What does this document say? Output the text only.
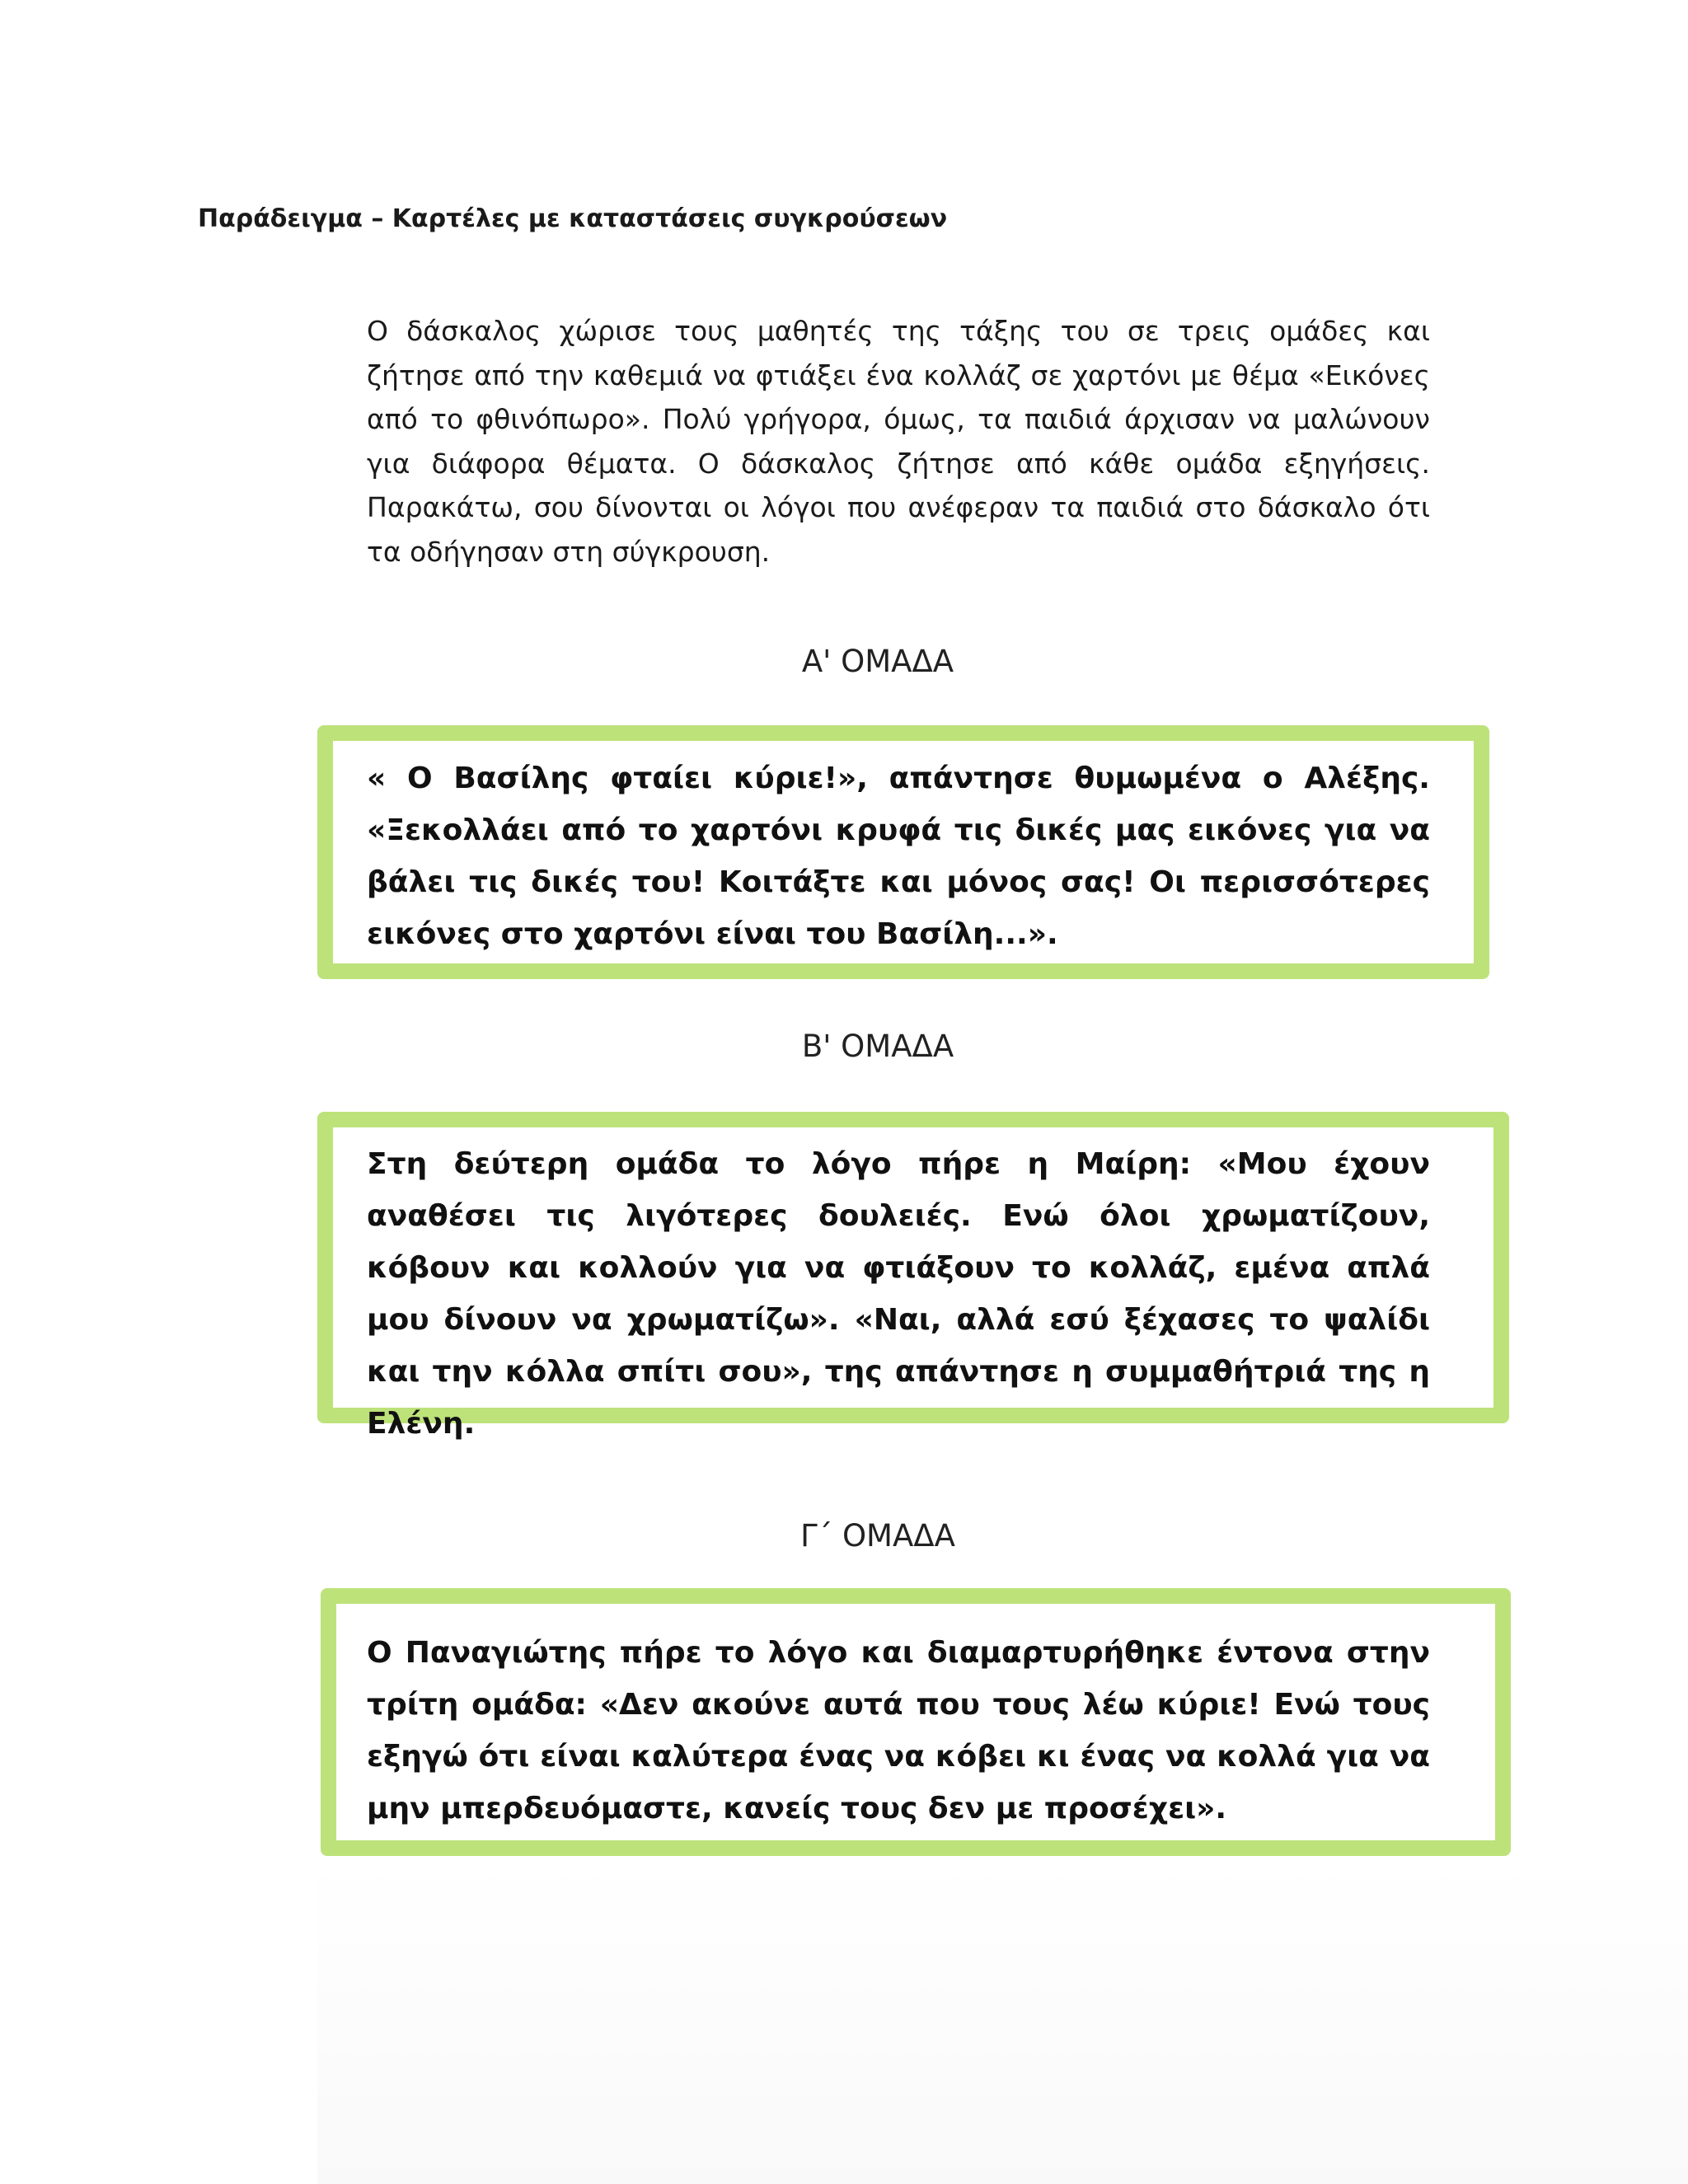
Παράδειγμα – Καρτέλες με καταστάσεις συγκρούσεων

Ο δάσκαλος χώρισε τους μαθητές της τάξης του σε τρεις ομάδες και ζήτησε από την καθεμιά να φτιάξει ένα κολλάζ σε χαρτόνι με θέμα «Εικόνες από το φθινόπωρο». Πολύ γρήγορα, όμως, τα παιδιά άρχισαν να μαλώνουν για διάφορα θέματα. Ο δάσκαλος ζήτησε από κάθε ομάδα εξηγήσεις. Παρακάτω, σου δίνονται οι λόγοι που ανέφεραν τα παιδιά στο δάσκαλο ότι τα οδήγησαν στη σύγκρουση.

Α' ΟΜΑΔΑ

« Ο Βασίλης φταίει κύριε!», απάντησε θυμωμένα ο Αλέξης. «Ξεκολλάει από το χαρτόνι κρυφά τις δικές μας εικόνες για να βάλει τις δικές του! Κοιτάξτε και μόνος σας! Οι περισσότερες εικόνες στο χαρτόνι είναι του Βασίλη...».

Β' ΟΜΑΔΑ

Στη δεύτερη ομάδα το λόγο πήρε η Μαίρη: «Μου έχουν αναθέσει τις λιγότερες δουλειές. Ενώ όλοι χρωματίζουν, κόβουν και κολλούν για να φτιάξουν το κολλάζ, εμένα απλά μου δίνουν να χρωματίζω». «Ναι, αλλά εσύ ξέχασες το ψαλίδι και την κόλλα σπίτι σου», της απάντησε η συμμαθήτριά της η Ελένη.

Γ΄ ΟΜΑΔΑ

Ο Παναγιώτης πήρε το λόγο και διαμαρτυρήθηκε έντονα στην τρίτη ομάδα: «Δεν ακούνε αυτά που τους λέω κύριε! Ενώ τους εξηγώ ότι είναι καλύτερα ένας να κόβει κι ένας να κολλά για να μην μπερδευόμαστε, κανείς τους δεν με προσέχει».
